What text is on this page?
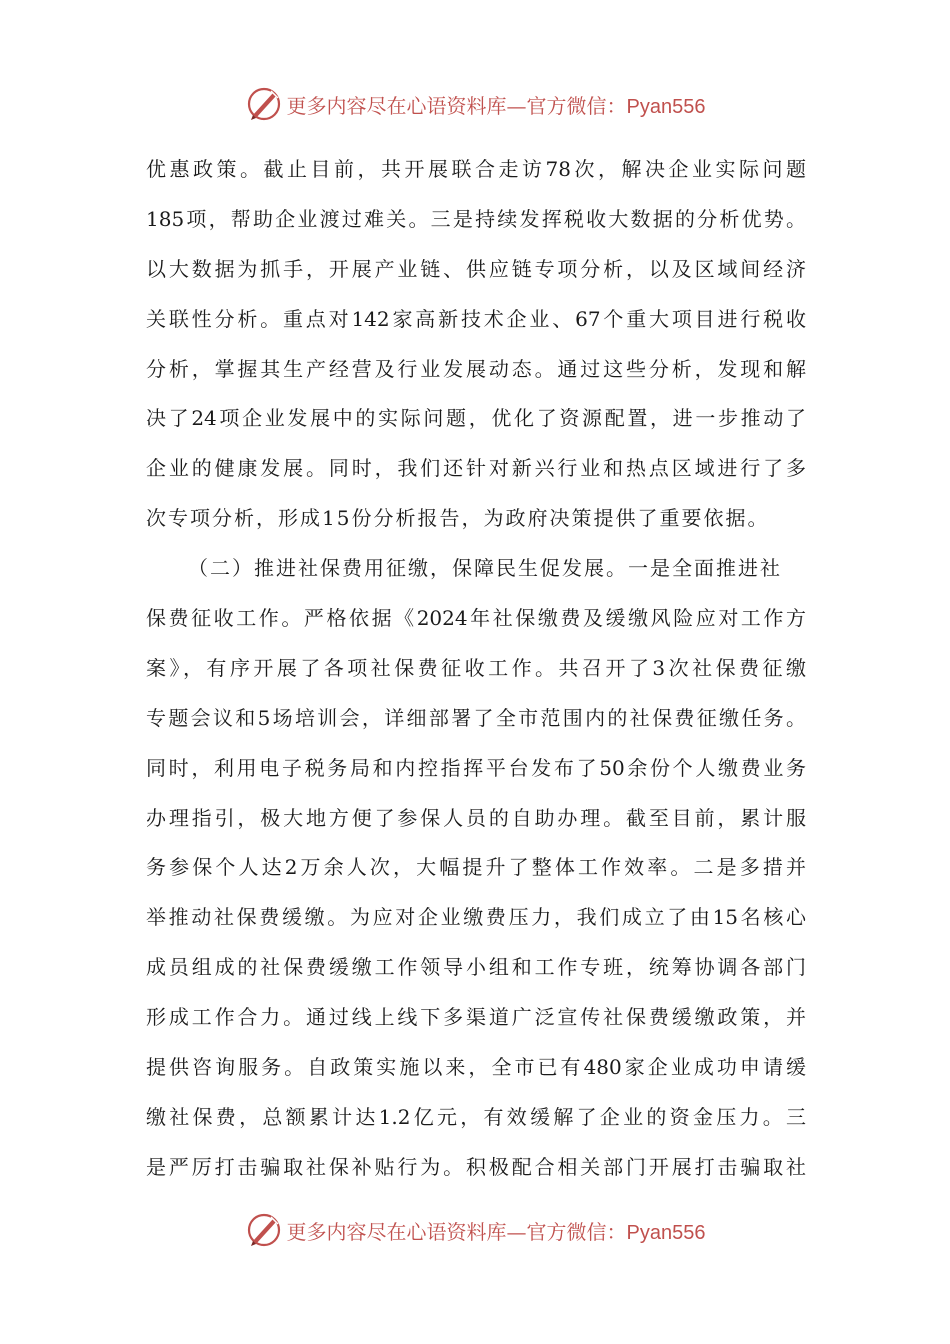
更多内容尽在心语资料库—官方微信：Pyan556
优惠政策。截止目前，共开展联合走访78次，解决企业实际问题
185项，帮助企业渡过难关。三是持续发挥税收大数据的分析优势。
以大数据为抓手，开展产业链、供应链专项分析，以及区域间经济
关联性分析。重点对142家高新技术企业、67个重大项目进行税收
分析，掌握其生产经营及行业发展动态。通过这些分析，发现和解
决了24项企业发展中的实际问题，优化了资源配置，进一步推动了
企业的健康发展。同时，我们还针对新兴行业和热点区域进行了多
次专项分析，形成15份分析报告，为政府决策提供了重要依据。
（二）推进社保费用征缴，保障民生促发展。一是全面推进社
保费征收工作。严格依据《2024年社保缴费及缓缴风险应对工作方
案》，有序开展了各项社保费征收工作。共召开了3次社保费征缴
专题会议和5场培训会，详细部署了全市范围内的社保费征缴任务。
同时，利用电子税务局和内控指挥平台发布了50余份个人缴费业务
办理指引，极大地方便了参保人员的自助办理。截至目前，累计服
务参保个人达2万余人次，大幅提升了整体工作效率。二是多措并
举推动社保费缓缴。为应对企业缴费压力，我们成立了由15名核心
成员组成的社保费缓缴工作领导小组和工作专班，统筹协调各部门
形成工作合力。通过线上线下多渠道广泛宣传社保费缓缴政策，并
提供咨询服务。自政策实施以来，全市已有480家企业成功申请缓
缴社保费，总额累计达1.2亿元，有效缓解了企业的资金压力。三
是严厉打击骗取社保补贴行为。积极配合相关部门开展打击骗取社
更多内容尽在心语资料库—官方微信：Pyan556
